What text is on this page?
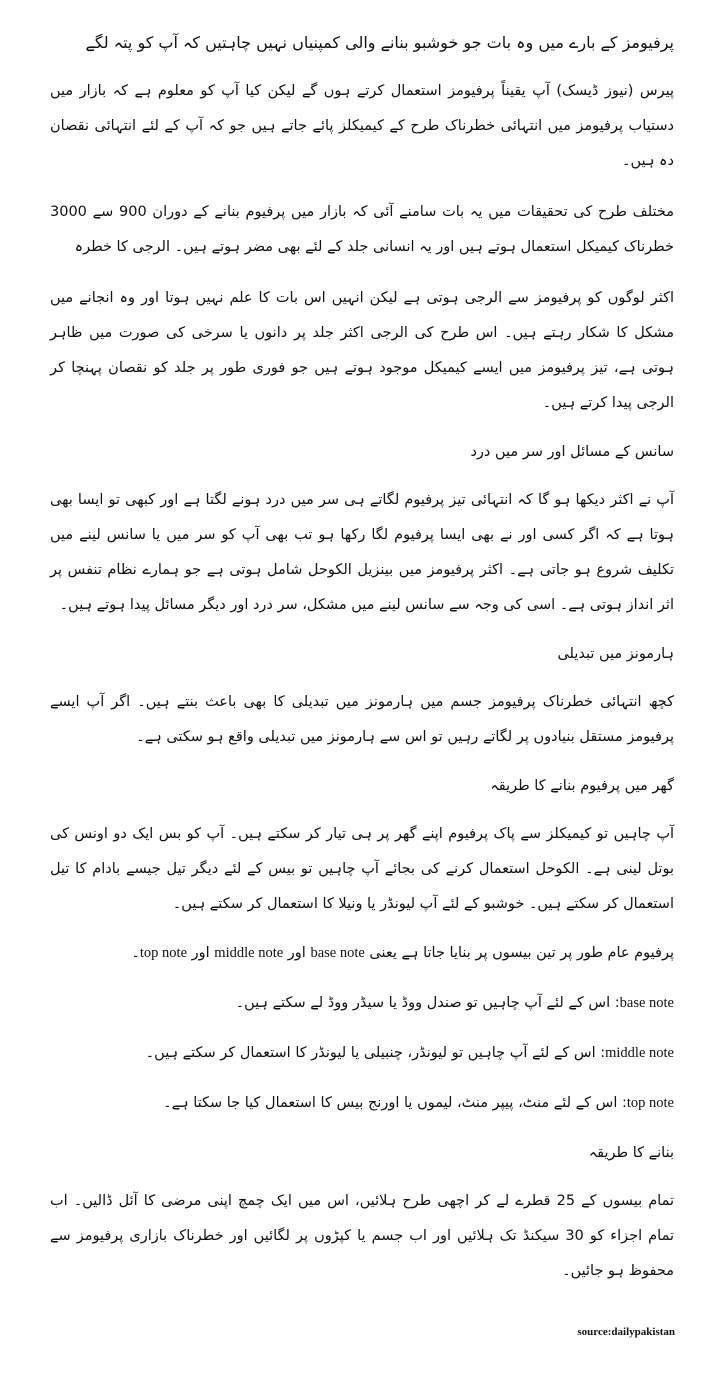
پرفیومز کے بارے میں وہ بات جو خوشبو بنانے والی کمپنیاں نہیں چاہتیں کہ آپ کو پتہ لگے

پیرس (نیوز ڈیسک) آپ یقیناً پرفیومز استعمال کرتے ہوں گے لیکن کیا آپ کو معلوم ہے کہ بازار میں دستیاب پرفیومز میں انتہائی خطرناک طرح کے کیمیکلز پائے جاتے ہیں جو کہ آپ کے لئے انتہائی نقصان دہ ہیں۔

مختلف طرح کی تحقیقات میں یہ بات سامنے آئی کہ بازار میں پرفیوم بنانے کے دوران 900 سے 3000 خطرناک کیمیکل استعمال ہوتے ہیں اور یہ انسانی جلد کے لئے بھی مضر ہوتے ہیں۔ الرجی کا خطرہ

اکثر لوگوں کو پرفیومز سے الرجی ہوتی ہے لیکن انہیں اس بات کا علم نہیں ہوتا اور وہ انجانے میں مشکل کا شکار رہتے ہیں۔ اس طرح کی الرجی اکثر جلد پر دانوں یا سرخی کی صورت میں ظاہر ہوتی ہے، تیز پرفیومز میں ایسے کیمیکل موجود ہوتے ہیں جو فوری طور پر جلد کو نقصان پہنچا کر الرجی پیدا کرتے ہیں۔

سانس کے مسائل اور سر میں درد

آپ نے اکثر دیکھا ہو گا کہ انتہائی تیز پرفیوم لگاتے ہی سر میں درد ہونے لگتا ہے اور کبھی تو ایسا بھی ہوتا ہے کہ اگر کسی اور نے بھی ایسا پرفیوم لگا رکھا ہو تب بھی آپ کو سر میں یا سانس لینے میں تکلیف شروع ہو جاتی ہے۔ اکثر پرفیومز میں بینزیل الکوحل شامل ہوتی ہے جو ہمارے نظام تنفس پر اثر انداز ہوتی ہے۔ اسی کی وجہ سے سانس لینے میں مشکل، سر درد اور دیگر مسائل پیدا ہوتے ہیں۔

ہارمونز میں تبدیلی

کچھ انتہائی خطرناک پرفیومز جسم میں ہارمونز میں تبدیلی کا بھی باعث بنتے ہیں۔ اگر آپ ایسے پرفیومز مستقل بنیادوں پر لگاتے رہیں تو اس سے ہارمونز میں تبدیلی واقع ہو سکتی ہے۔

گھر میں پرفیوم بنانے کا طریقہ

آپ چاہیں تو کیمیکلز سے پاک پرفیوم اپنے گھر پر ہی تیار کر سکتے ہیں۔ آپ کو بس ایک دو اونس کی بوتل لینی ہے۔ الکوحل استعمال کرنے کی بجائے آپ چاہیں تو بیس کے لئے دیگر تیل جیسے بادام کا تیل استعمال کر سکتے ہیں۔ خوشبو کے لئے آپ لیونڈر یا ونیلا کا استعمال کر سکتے ہیں۔

پرفیوم عام طور پر تین بیسوں پر بنایا جاتا ہے یعنی base note اور middle note اور top note۔

base note: اس کے لئے آپ چاہیں تو صندل ووڈ یا سیڈر ووڈ لے سکتے ہیں۔

middle note: اس کے لئے آپ چاہیں تو لیونڈر، چنبیلی یا لیونڈر کا استعمال کر سکتے ہیں۔

top note: اس کے لئے منٹ، پیپر منٹ، لیموں یا اورنج بیس کا استعمال کیا جا سکتا ہے۔

بنانے کا طریقہ

تمام بیسوں کے 25 قطرے لے کر اچھی طرح ہلائیں، اس میں ایک چمچ اپنی مرضی کا آئل ڈالیں۔ اب تمام اجزاء کو 30 سیکنڈ تک ہلائیں اور اب جسم یا کپڑوں پر لگائیں اور خطرناک بازاری پرفیومز سے محفوظ ہو جائیں۔

source:dailypakistan
